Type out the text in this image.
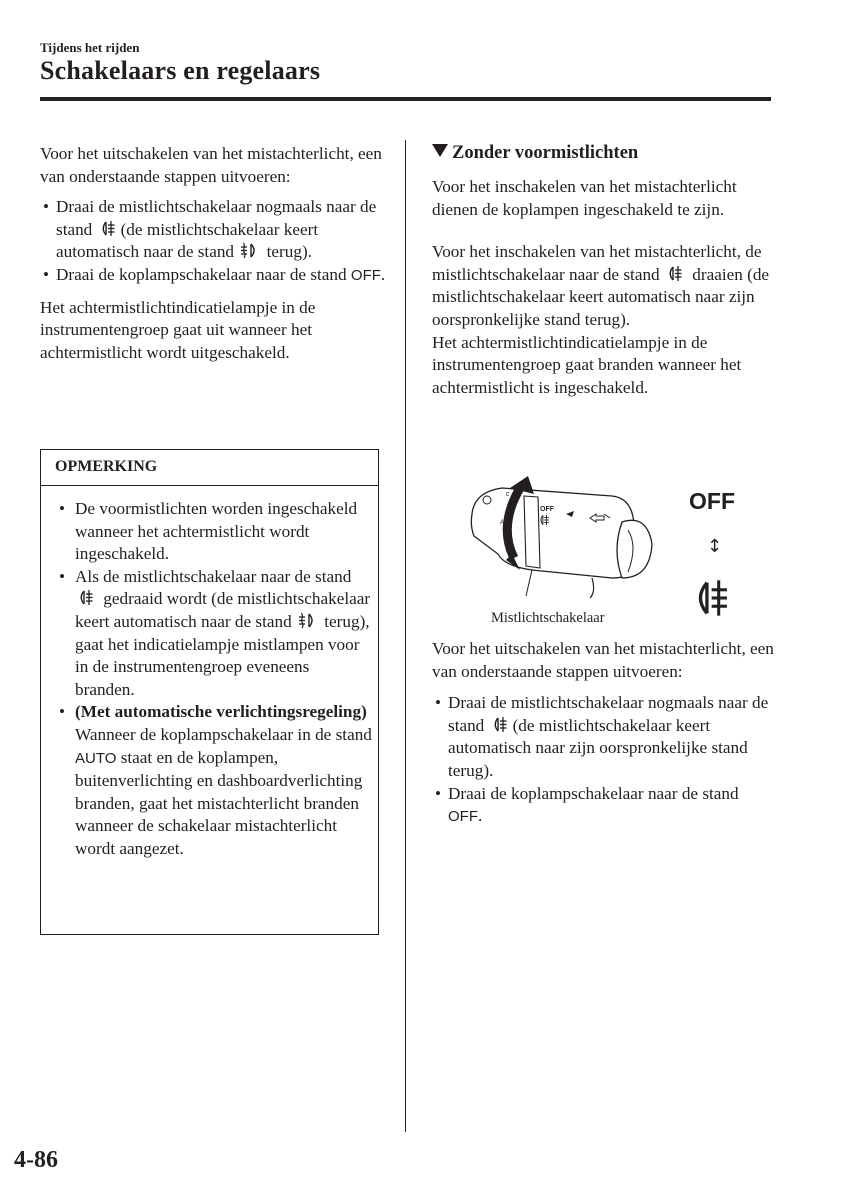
Tijdens het rijden
Schakelaars en regelaars

Voor het uitschakelen van het mistachterlicht, een van onderstaande stappen uitvoeren:

• Draai de mistlichtschakelaar nogmaals naar de stand (de mistlichtschakelaar keert automatisch naar de stand terug).
• Draai de koplampschakelaar naar de stand OFF.

Het achtermistlichtindicatielampje in de instrumentengroep gaat uit wanneer het achtermistlicht wordt uitgeschakeld.

OPMERKING
• De voormistlichten worden ingeschakeld wanneer het achtermistlicht wordt ingeschakeld.
• Als de mistlichtschakelaar naar de stand  gedraaid wordt (de mistlichtschakelaar keert automatisch naar de stand terug), gaat het indicatielampje mistlampen voor in de instrumentengroep eveneens branden.
• (Met automatische verlichtingsregeling)
Wanneer de koplampschakelaar in de stand AUTO staat en de koplampen, buitenverlichting en dashboardverlichting branden, gaat het mistachterlicht branden wanneer de schakelaar mistachterlicht wordt aangezet.
Zonder voormistlichten

Voor het inschakelen van het mistachterlicht dienen de koplampen ingeschakeld te zijn.

Voor het inschakelen van het mistachterlicht, de mistlichtschakelaar naar de stand draaien (de mistlichtschakelaar keert automatisch naar zijn oorspronkelijke stand terug).

Het achtermistlichtindicatielampje in de instrumentengroep gaat branden wanneer het achtermistlicht is ingeschakeld.

A
c
OFF	OFF
↕
Mistlichtschakelaar

Voor het uitschakelen van het mistachterlicht, een van onderstaande stappen uitvoeren:

• Draai de mistlichtschakelaar nogmaals naar de stand (de mistlichtschakelaar keert automatisch naar zijn oorspronkelijke stand terug).
• Draai de koplampschakelaar naar de stand OFF.
4-86
